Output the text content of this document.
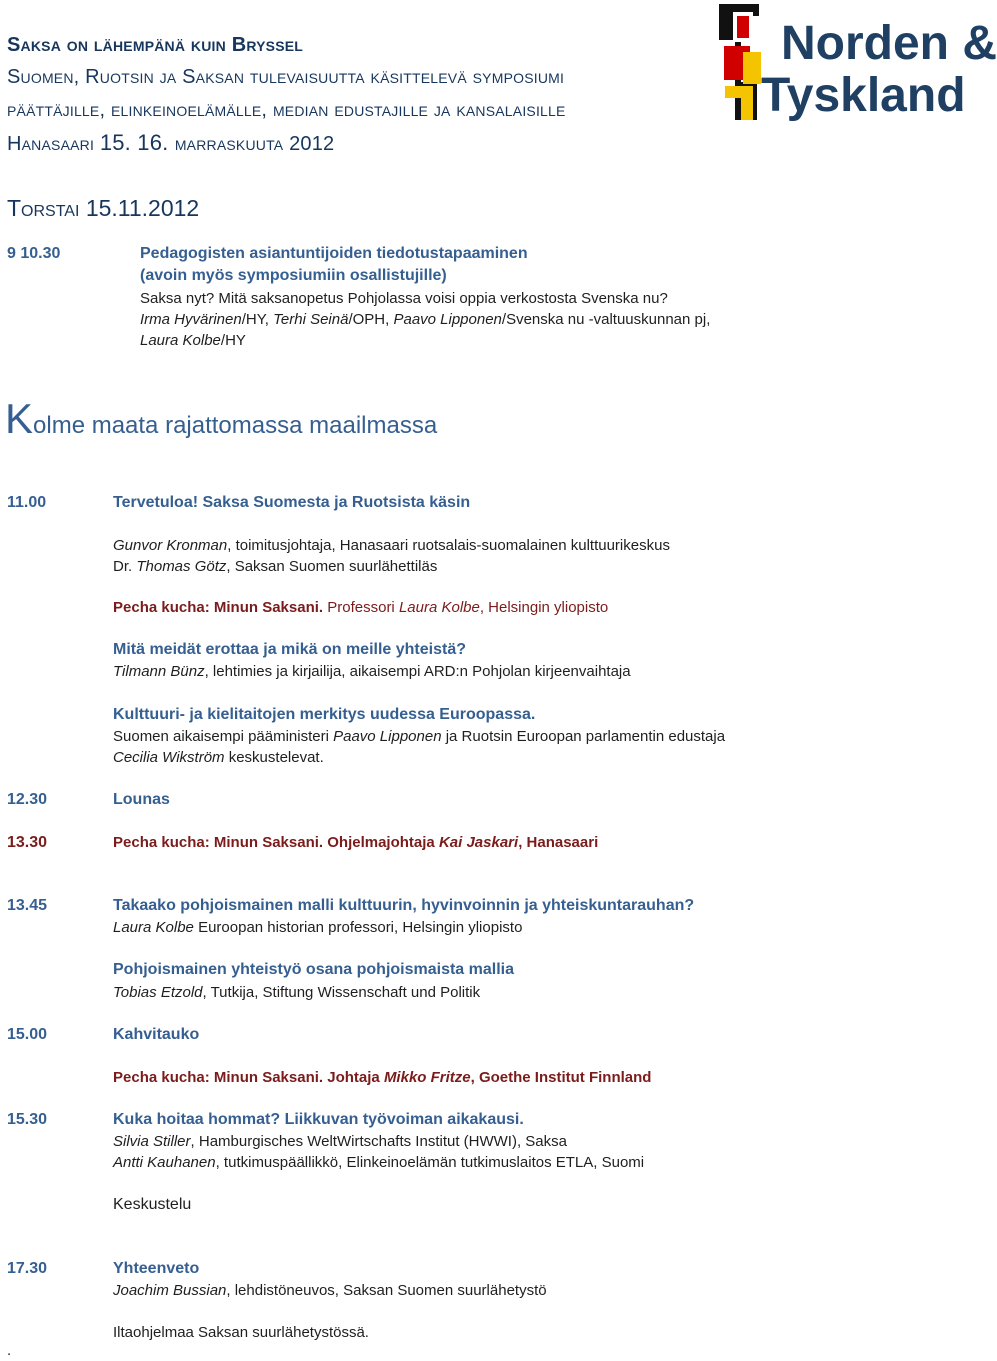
Norden &
Tyskland
Saksa on lähempänä kuin Bryssel
Suomen, Ruotsin ja Saksan tulevaisuutta käsittelevä symposiumi
päättäjille, elinkeinoelämälle, median edustajille ja kansalaisille
Hanasaari 15. 16. marraskuuta 2012
Torstai 15.11.2012
9 10.30	Pedagogisten asiantuntijoiden tiedotustapaaminen
(avoin myös symposiumiin osallistujille)
Saksa nyt? Mitä saksanopetus Pohjolassa voisi oppia verkostosta Svenska nu?
Irma Hyvärinen/HY, Terhi Seinä/OPH, Paavo Lipponen/Svenska nu -valtuuskunnan pj,
Laura Kolbe/HY
Kolme maata rajattomassa maailmassa
11.00	Tervetuloa! Saksa Suomesta ja Ruotsista käsin
Gunvor Kronman, toimitusjohtaja, Hanasaari ruotsalais-suomalainen kulttuurikeskus
Dr. Thomas Götz, Saksan Suomen suurlähettiläs
Pecha kucha: Minun Saksani. Professori Laura Kolbe, Helsingin yliopisto
Mitä meidät erottaa ja mikä on meille yhteistä?
Tilmann Bünz, lehtimies ja kirjailija, aikaisempi ARD:n Pohjolan kirjeenvaihtaja
Kulttuuri- ja kielitaitojen merkitys uudessa Euroopassa.
Suomen aikaisempi pääministeri Paavo Lipponen ja Ruotsin Euroopan parlamentin edustaja
Cecilia Wikström keskustelevat.
12.30	Lounas
13.30	Pecha kucha: Minun Saksani. Ohjelmajohtaja Kai Jaskari, Hanasaari
13.45	Takaako pohjoismainen malli kulttuurin, hyvinvoinnin ja yhteiskuntarauhan?
Laura Kolbe Euroopan historian professori, Helsingin yliopisto
Pohjoismainen yhteistyö osana pohjoismaista mallia
Tobias Etzold, Tutkija, Stiftung Wissenschaft und Politik
15.00	Kahvitauko
Pecha kucha: Minun Saksani. Johtaja Mikko Fritze, Goethe Institut Finnland
15.30	Kuka hoitaa hommat? Liikkuvan työvoiman aikakausi.
Silvia Stiller, Hamburgisches WeltWirtschafts Institut (HWWI), Saksa
Antti Kauhanen, tutkimuspäällikkö, Elinkeinoelämän tutkimuslaitos ETLA, Suomi
Keskustelu
17.30	Yhteenveto
Joachim Bussian, lehdistöneuvos, Saksan Suomen suurlähetystö
Iltaohjelmaa Saksan suurlähetystössä.
.
